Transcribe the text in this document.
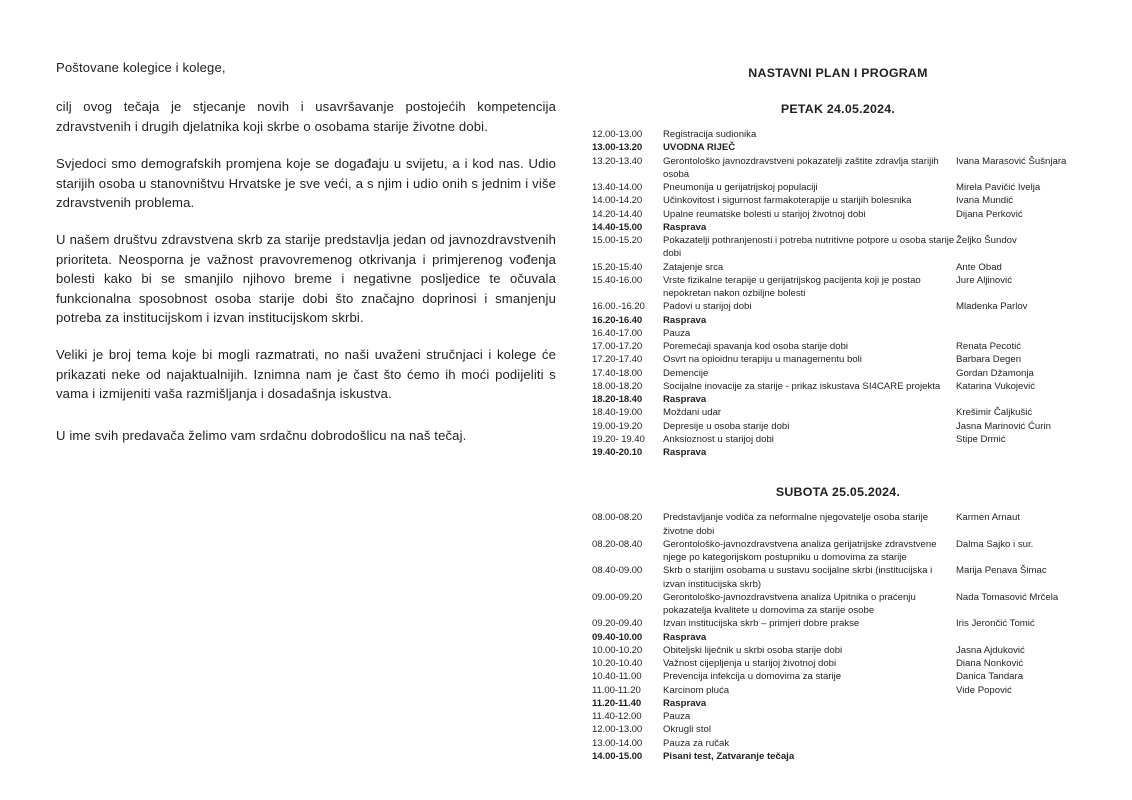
Poštovane kolegice i kolege,

cilj ovog tečaja je stjecanje novih i usavršavanje postojećih kompetencija zdravstvenih i drugih djelatnika koji skrbe o osobama starije životne dobi.

Svjedoci smo demografskih promjena koje se događaju u svijetu, a i kod nas. Udio starijih osoba u stanovništvu Hrvatske je sve veći, a s njim i udio onih s jednim i više zdravstvenih problema.

U našem društvu zdravstvena skrb za starije predstavlja jedan od javnozdravstvenih prioriteta. Neosporna je važnost pravovremenog otkrivanja i primjerenog vođenja bolesti kako bi se smanjilo njihovo breme i negativne posljedice te očuvala funkcionalna sposobnost osoba starije dobi što značajno doprinosi i smanjenju potreba za institucijskom i izvan institucijskom skrbi.

Veliki je broj tema koje bi mogli razmatrati, no naši uvaženi stručnjaci i kolege će prikazati neke od najaktualnijih. Iznimna nam je čast što ćemo ih moći podijeliti s vama i izmijeniti vaša razmišljanja i dosadašnja iskustva.

U ime svih predavača želimo vam srdačnu dobrodošlicu na naš tečaj.

NASTAVNI PLAN I PROGRAM
PETAK 24.05.2024.
12.00-13.00	Registracija sudionika	
13.00-13.20	UVODNA RIJEČ	
13.20-13.40	Gerontološko javnozdravstveni pokazatelji zaštite zdravlja starijih osoba	Ivana Marasović Šušnjara
13.40-14.00	Pneumonija u gerijatrijskoj populaciji	Mirela Pavičić Ivelja
14.00-14.20	Učinkovitost i sigurnost farmakoterapije u starijih bolesnika	Ivana Mundić
14.20-14.40	Upalne reumatske bolesti u starijoj životnoj dobi	Dijana Perković
14.40-15.00	Rasprava	
15.00-15.20	Pokazatelji pothranjenosti i potreba nutritivne potpore u osoba starije dobi	Željko Šundov
15.20-15.40	Zatajenje srca	Ante Obad
15.40-16.00	Vrste fizikalne terapije u gerijatrijskog pacijenta koji je postao nepokretan nakon ozbiljne bolesti	Jure Aljinović
16.00.-16.20	Padovi u starijoj dobi	Mladenka Parlov
16.20-16.40	Rasprava	
16.40-17.00	Pauza	
17.00-17.20	Poremećaji spavanja kod osoba starije dobi	Renata Pecotić
17.20-17.40	Osvrt na opioidnu terapiju u managementu boli	Barbara Degen
17.40-18.00	Demencije	Gordan Džamonja
18.00-18.20	Socijalne inovacije za starije - prikaz iskustava SI4CARE projekta	Katarina Vukojević
18.20-18.40	Rasprava	
18.40-19.00	Moždani udar	Krešimir Čaljkušić
19.00-19.20	Depresije u osoba starije dobi	Jasna Marinović Ćurin
19.20- 19.40	Anksioznost u starijoj dobi	Stipe Drmić
19.40-20.10	Rasprava	
SUBOTA 25.05.2024.
08.00-08.20	Predstavljanje vodiča za neformalne njegovatelje osoba starije životne dobi	Karmen Arnaut
08.20-08.40	Gerontološko-javnozdravstvena analiza gerijatrijske zdravstvene njege po kategorijskom postupniku u domovima za starije	Dalma Sajko i sur.
08.40-09.00	Skrb o starijim osobama u sustavu socijalne skrbi (institucijska i izvan institucijska skrb)	Marija Penava Šimac
09.00-09.20	Gerontološko-javnozdravstvena analiza Upitnika o praćenju pokazatelja kvalitete u domovima za starije osobe	Nada Tomasović Mrčela
09.20-09.40	Izvan institucijska skrb – primjeri dobre prakse	Iris Jerončić Tomić
09.40-10.00	Rasprava	
10.00-10.20	Obiteljski liječnik u skrbi osoba starije dobi	Jasna Ajduković
10.20-10.40	Važnost cijepljenja u starijoj životnoj dobi	Diana Nonković
10.40-11.00	Prevencija infekcija u domovima za starije	Danica Tandara
11.00-11.20	Karcinom pluća	Vide Popović
11.20-11.40	Rasprava	
11.40-12.00	Pauza	
12.00-13.00	Okrugli stol	
13.00-14.00	Pauza za ručak	
14.00-15.00	Pisani test, Zatvaranje tečaja	
